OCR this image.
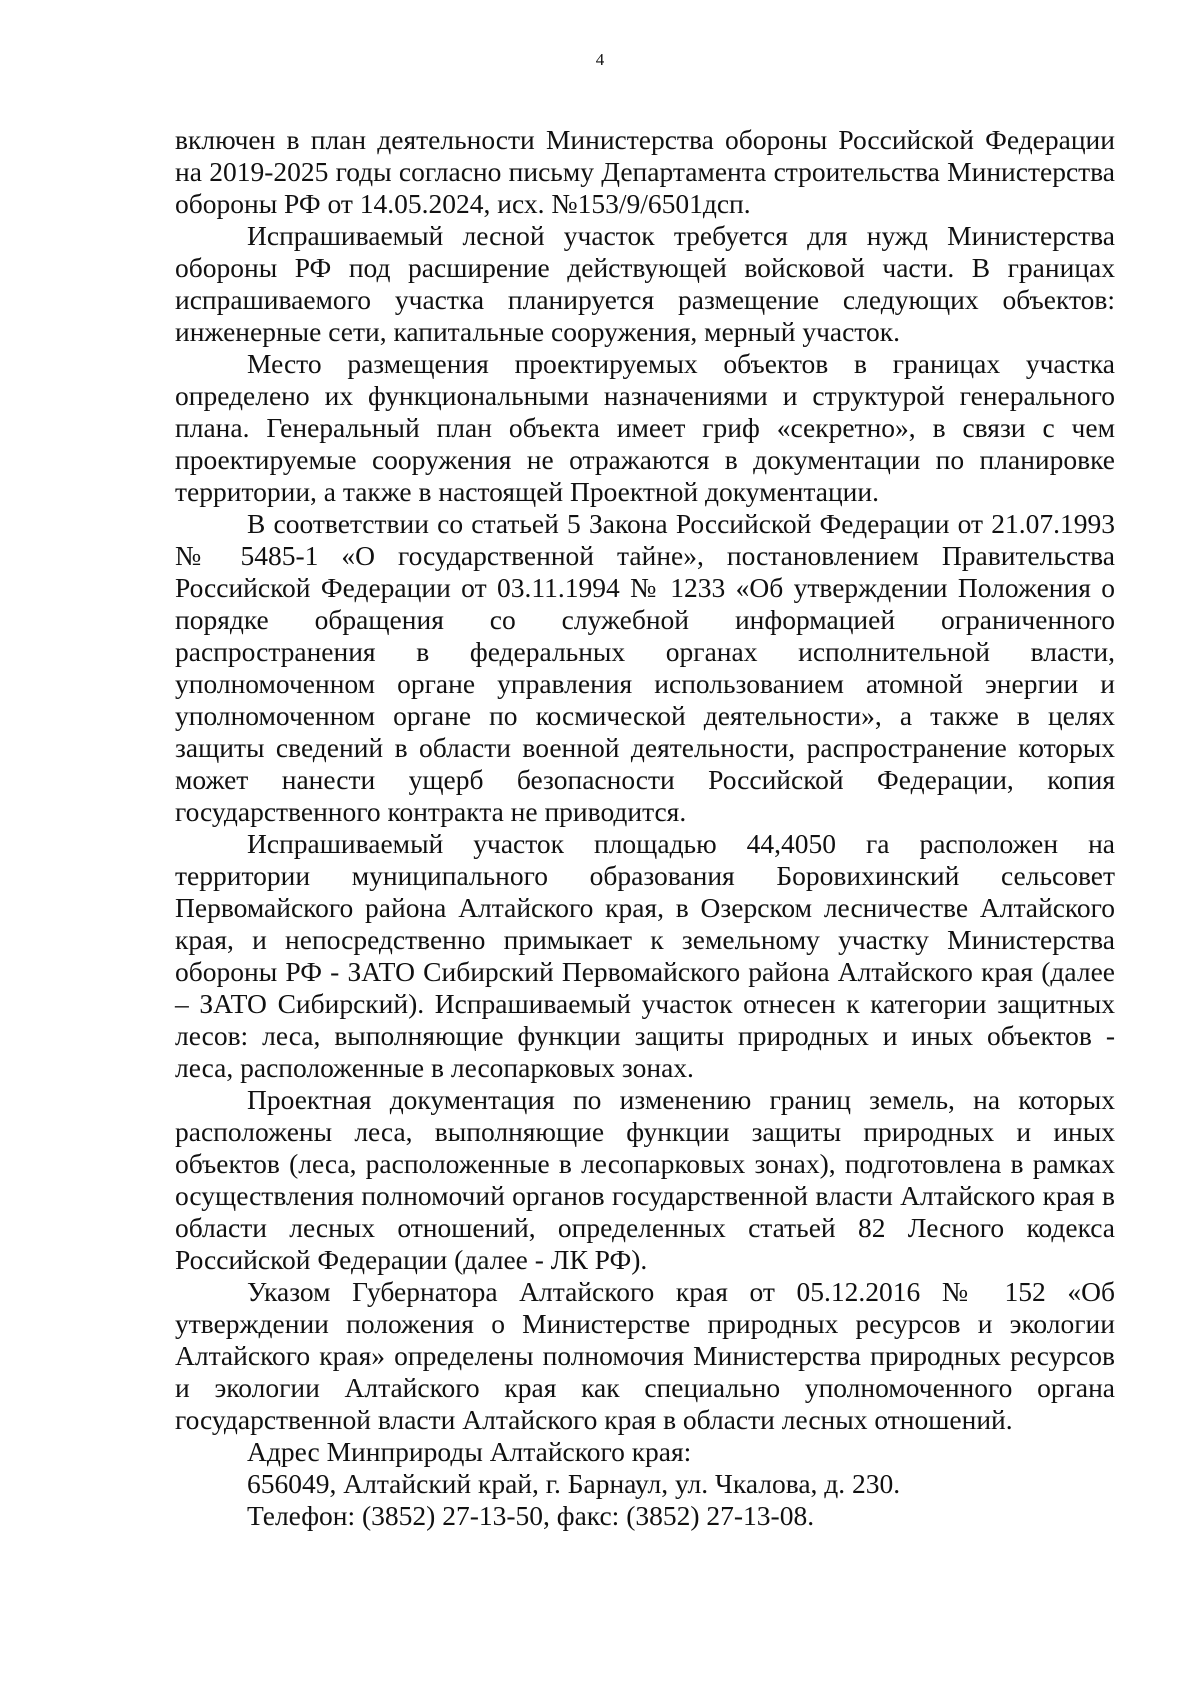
4

включен в план деятельности Министерства обороны Российской Федерации на 2019-2025 годы согласно письму Департамента строительства Министерства обороны РФ от 14.05.2024, исх. №153/9/6501дсп.

Испрашиваемый лесной участок требуется для нужд Министерства обороны РФ под расширение действующей войсковой части. В границах испрашиваемого участка планируется размещение следующих объектов: инженерные сети, капитальные сооружения, мерный участок.

Место размещения проектируемых объектов в границах участка определено их функциональными назначениями и структурой генерального плана. Генеральный план объекта имеет гриф «секретно», в связи с чем проектируемые сооружения не отражаются в документации по планировке территории, а также в настоящей Проектной документации.

В соответствии со статьей 5 Закона Российской Федерации от 21.07.1993 № 5485-1 «О государственной тайне», постановлением Правительства Российской Федерации от 03.11.1994 № 1233 «Об утверждении Положения о порядке обращения со служебной информацией ограниченного распространения в федеральных органах исполнительной власти, уполномоченном органе управления использованием атомной энергии и уполномоченном органе по космической деятельности», а также в целях защиты сведений в области военной деятельности, распространение которых может нанести ущерб безопасности Российской Федерации, копия государственного контракта не приводится.

Испрашиваемый участок площадью 44,4050 га расположен на территории муниципального образования Боровихинский сельсовет Первомайского района Алтайского края, в Озерском лесничестве Алтайского края, и непосредственно примыкает к земельному участку Министерства обороны РФ - ЗАТО Сибирский Первомайского района Алтайского края (далее – ЗАТО Сибирский). Испрашиваемый участок отнесен к категории защитных лесов: леса, выполняющие функции защиты природных и иных объектов - леса, расположенные в лесопарковых зонах.

Проектная документация по изменению границ земель, на которых расположены леса, выполняющие функции защиты природных и иных объектов (леса, расположенные в лесопарковых зонах), подготовлена в рамках осуществления полномочий органов государственной власти Алтайского края в области лесных отношений, определенных статьей 82 Лесного кодекса Российской Федерации (далее - ЛК РФ).

Указом Губернатора Алтайского края от 05.12.2016 № 152 «Об утверждении положения о Министерстве природных ресурсов и экологии Алтайского края» определены полномочия Министерства природных ресурсов и экологии Алтайского края как специально уполномоченного органа государственной власти Алтайского края в области лесных отношений.

Адрес Минприроды Алтайского края:
656049, Алтайский край, г. Барнаул, ул. Чкалова, д. 230.
Телефон: (3852) 27-13-50, факс: (3852) 27-13-08.
